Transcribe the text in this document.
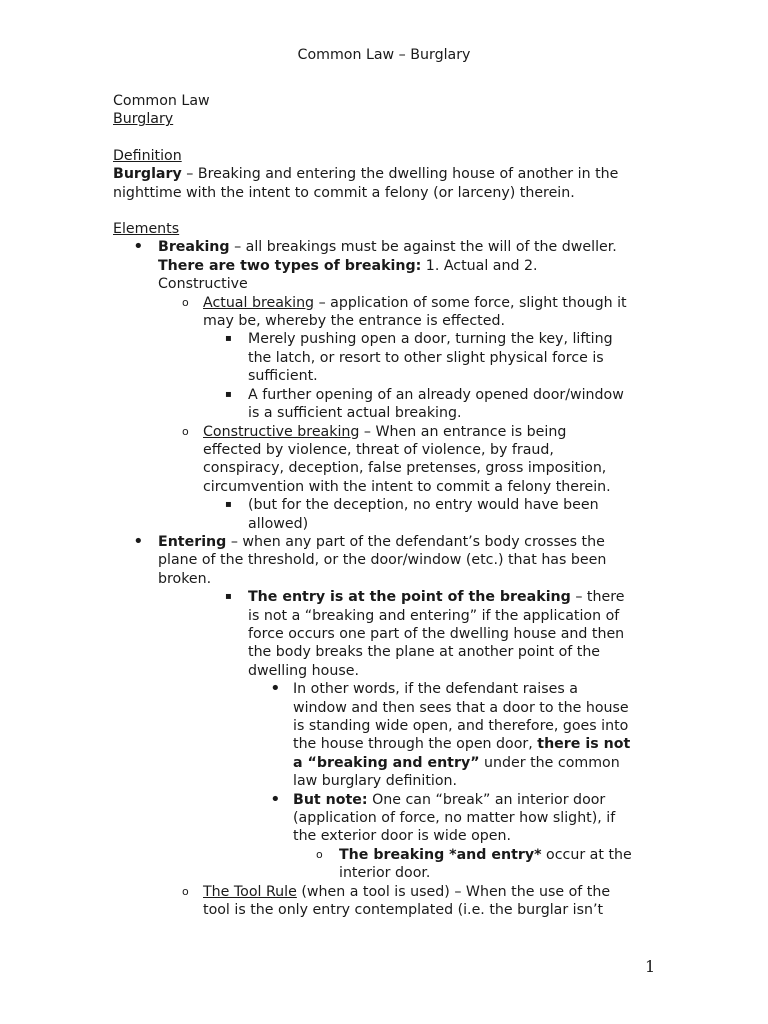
Common Law – Burglary
Common Law
Burglary
Definition
Burglary – Breaking and entering the dwelling house of another in the
nighttime with the intent to commit a felony (or larceny) therein.
Elements
• Breaking – all breakings must be against the will of the dweller.
There are two types of breaking: 1. Actual and 2.
Constructive
o Actual breaking – application of some force, slight though it
may be, whereby the entrance is effected.
▪ Merely pushing open a door, turning the key, lifting
the latch, or resort to other slight physical force is
sufficient.
▪ A further opening of an already opened door/window
is a sufficient actual breaking.
o Constructive breaking – When an entrance is being
effected by violence, threat of violence, by fraud,
conspiracy, deception, false pretenses, gross imposition,
circumvention with the intent to commit a felony therein.
▪ (but for the deception, no entry would have been
allowed)
• Entering – when any part of the defendant’s body crosses the
plane of the threshold, or the door/window (etc.) that has been
broken.
▪ The entry is at the point of the breaking – there
is not a “breaking and entering” if the application of
force occurs one part of the dwelling house and then
the body breaks the plane at another point of the
dwelling house.
• In other words, if the defendant raises a
window and then sees that a door to the house
is standing wide open, and therefore, goes into
the house through the open door, there is not
a “breaking and entry” under the common
law burglary definition.
• But note: One can “break” an interior door
(application of force, no matter how slight), if
the exterior door is wide open.
o The breaking *and entry* occur at the
interior door.
o The Tool Rule (when a tool is used) – When the use of the
tool is the only entry contemplated (i.e. the burglar isn’t
1
